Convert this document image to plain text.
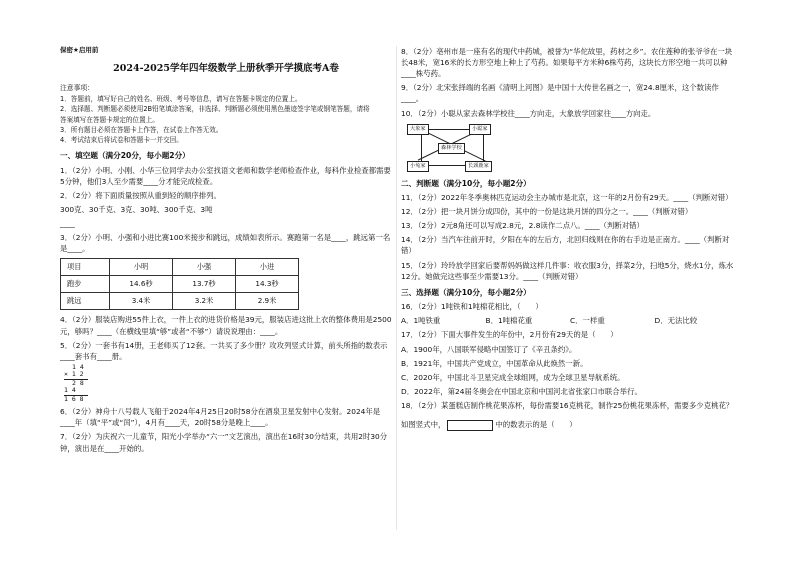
保密★启用前
2024-2025学年四年级数学上册秋季开学摸底考A卷
注意事项：

1．答题前，填写好自己的姓名、班级、考号等信息，请写在答题卡规定的位置上。

2．选择题、判断题必须使用2B铅笔填涂答案，非选择、判断题必须使用黑色墨迹签字笔或钢笔答题，请将

答案填写在答题卡规定的位置上。

3．所有题目必须在答题卡上作答，在试卷上作答无效。

4．考试结束后将试卷和答题卡一并交回。

一、填空题（满分20分，每小题2分）

1．（2分）小明、小刚、小华三位同学去办公室找语文老师和数学老师检查作业，每科作业检查都需要5分钟，他们3人至少需要____分才能完成检查。

2．（2分）将下面质量按照从重到轻的顺序排列。

300克、30千克、3克、30吨、300千克、3吨

____

3．（2分）小明、小强和小进比赛100米接步和跳远，成绩如表所示。赛跑第一名是____，跳远第一名是____。

项目	小明	小强	小进
跑步	14.6秒	13.7秒	14.3秒
跳远	3.4米	3.2米	2.9米

4．（2分）服装店购进55件上衣，一件上衣的进货价格是39元，服装店进这批上衣的整体费用是2500元，够吗？____（在横线里填“够”或者“不够”）请说说理由：____。

5．（2分）一套书有14册，王老师买了12套。一共买了多少册？攻攻列竖式计算，前头所指的数表示____套书有____册。

1 4
× 1 2
2 8
1 4
1 6 8

6．（2分）神舟十八号载人飞船于2024年4月25日20时58分在酒泉卫星发射中心发射。2024年是____年（填“平”或“闰”），4月有____天，20时58分是晚上____。

7．（2分）为庆祝六一儿童节，阳光小学举办“六一”文艺演出，演出在16时30分结束，共用2时30分钟，演出是在____开始的。

8．（2分）亳州市是一座有名的现代中药城，被誉为“华佗故里，药材之乡”。农住莲种的张爷爷在一块长48米，宽16米的长方形空地上种上了芍药。如果每平方米种6株芍药，这块长方形空地一共可以种____株芍药。

9．（2分）北宋张择端的名画《清明上河图》是中国十大传世名画之一，宽24.8厘米，这个数读作____。

10．（2分）小聪从家去森林学校往____方向走，大象放学回家往____方向走。

大象家	小聪家
森林学校
小兔家	长颈鹿家
二、判断题（满分10分，每小题2分）

11．（2分）2022年冬季奥林匹克运动会主办城市是北京，这一年的2月份有29天。____（判断对错）

12．（2分）把一块月饼分成四份，其中的一份是这块月饼的四分之一。____（判断对错）

13．（2分）2元8角还可以写成2.8元，2.8读作二点八。____（判断对错）

14．（2分）当汽车往前开时，夕阳在车的左后方，北回归线则在你的右手边是正南方。____（判断对错）

15．（2分）玲玲放学回家后要帮妈妈做这样几件事：收衣服3分，择菜2分，扫地5分，烧水1分，炼水12分。她做完这些事至少需要13分。____（判断对错）

三、选择题（满分10分，每小题2分）

16．（2分）1吨铁和1吨棉花相比，（　　）

A．1吨铁重	B．1吨棉花重	C．一样重	D．无法比较

17．（2分）下面大事件发生的年份中，2月份有29天的是（　　）

A．1900年，八国联军侵略中国签订了《辛丑条约》。

B．1921年，中国共产党成立，中国革命从此焕然一新。

C．2020年，中国北斗卫星完成全球组网，成为全球卫星导航系统。

D．2022年，第24届冬奥会在中国北京和中国河北省张家口市联合举行。

18．（2分）某蛋糕店制作桃花果冻杯，每份需要16克桃花，制作25份桃花果冻杯，需要多少克桃花？

如图竖式中，	中的数表示的是（　　）
